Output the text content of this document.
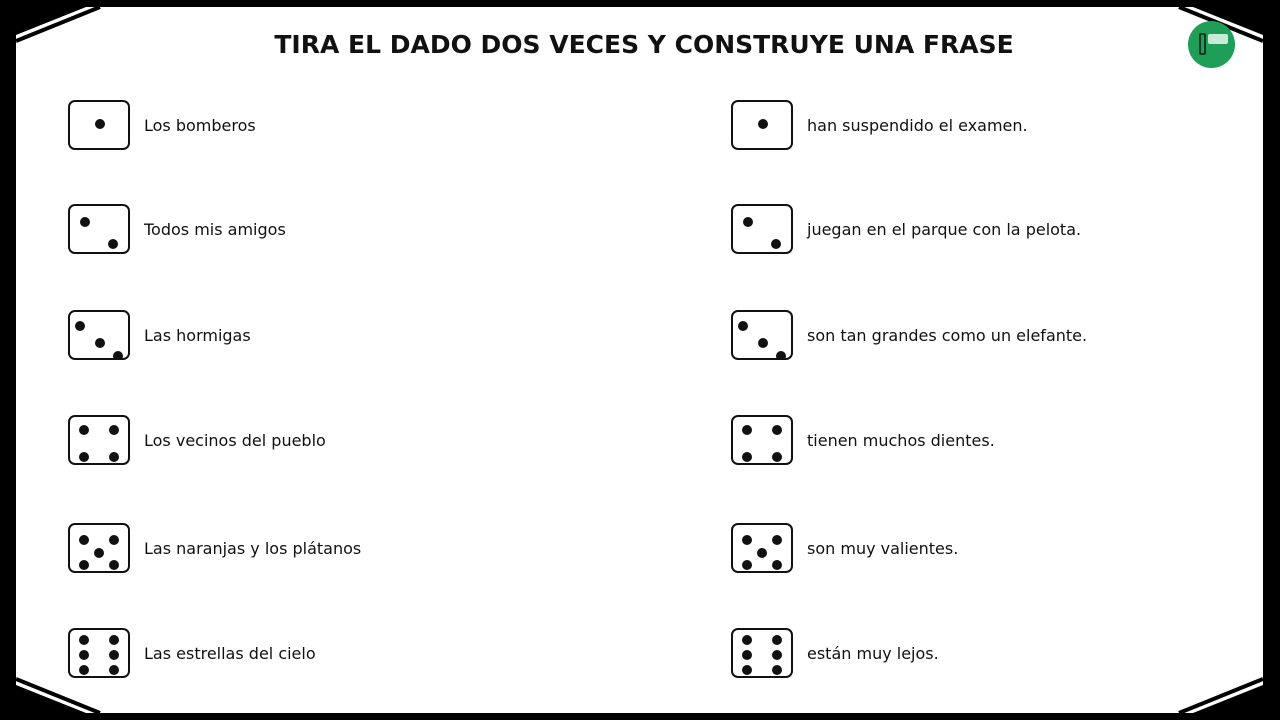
TIRA EL DADO DOS VECES Y CONSTRUYE UNA FRASE
Los bomberos
Todos mis amigos
Las hormigas
Los vecinos del pueblo
Las naranjas y los plátanos
Las estrellas del cielo
han suspendido el examen.
juegan en el parque con la pelota.
son tan grandes como un elefante.
tienen muchos dientes.
son muy valientes.
están muy lejos.
